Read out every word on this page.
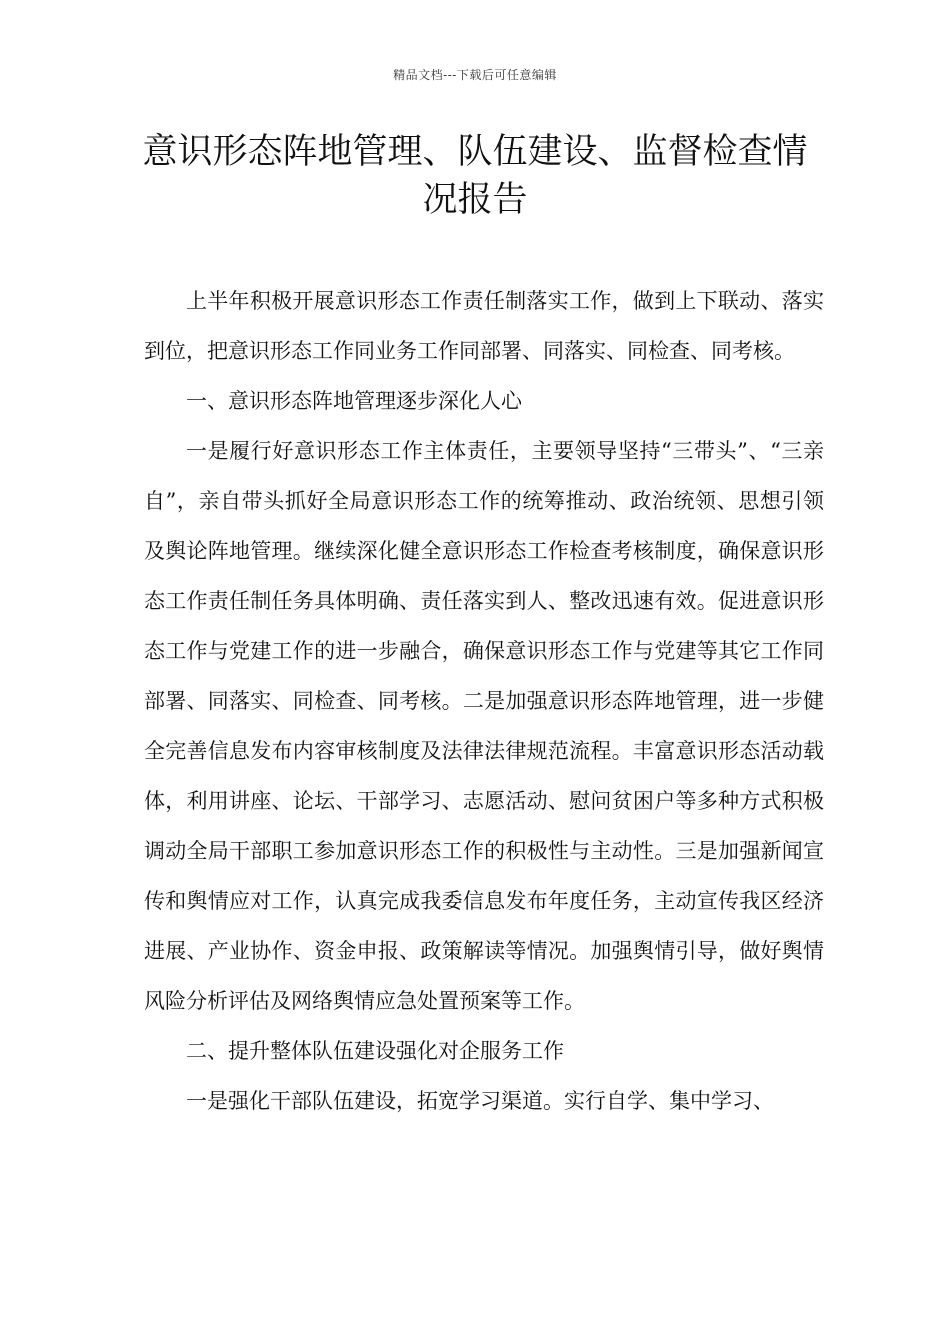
精品文档---下载后可任意编辑
意识形态阵地管理、队伍建设、监督检查情况报告

上半年积极开展意识形态工作责任制落实工作，做到上下联动、落实到位，把意识形态工作同业务工作同部署、同落实、同检查、同考核。

一、意识形态阵地管理逐步深化人心

一是履行好意识形态工作主体责任，主要领导坚持“三带头”、“三亲自”，亲自带头抓好全局意识形态工作的统筹推动、政治统领、思想引领及舆论阵地管理。继续深化健全意识形态工作检查考核制度，确保意识形态工作责任制任务具体明确、责任落实到人、整改迅速有效。促进意识形态工作与党建工作的进一步融合，确保意识形态工作与党建等其它工作同部署、同落实、同检查、同考核。二是加强意识形态阵地管理，进一步健全完善信息发布内容审核制度及法律法律规范流程。丰富意识形态活动载体，利用讲座、论坛、干部学习、志愿活动、慰问贫困户等多种方式积极调动全局干部职工参加意识形态工作的积极性与主动性。三是加强新闻宣传和舆情应对工作，认真完成我委信息发布年度任务，主动宣传我区经济进展、产业协作、资金申报、政策解读等情况。加强舆情引导，做好舆情风险分析评估及网络舆情应急处置预案等工作。

二、提升整体队伍建设强化对企服务工作

一是强化干部队伍建设，拓宽学习渠道。实行自学、集中学习、
